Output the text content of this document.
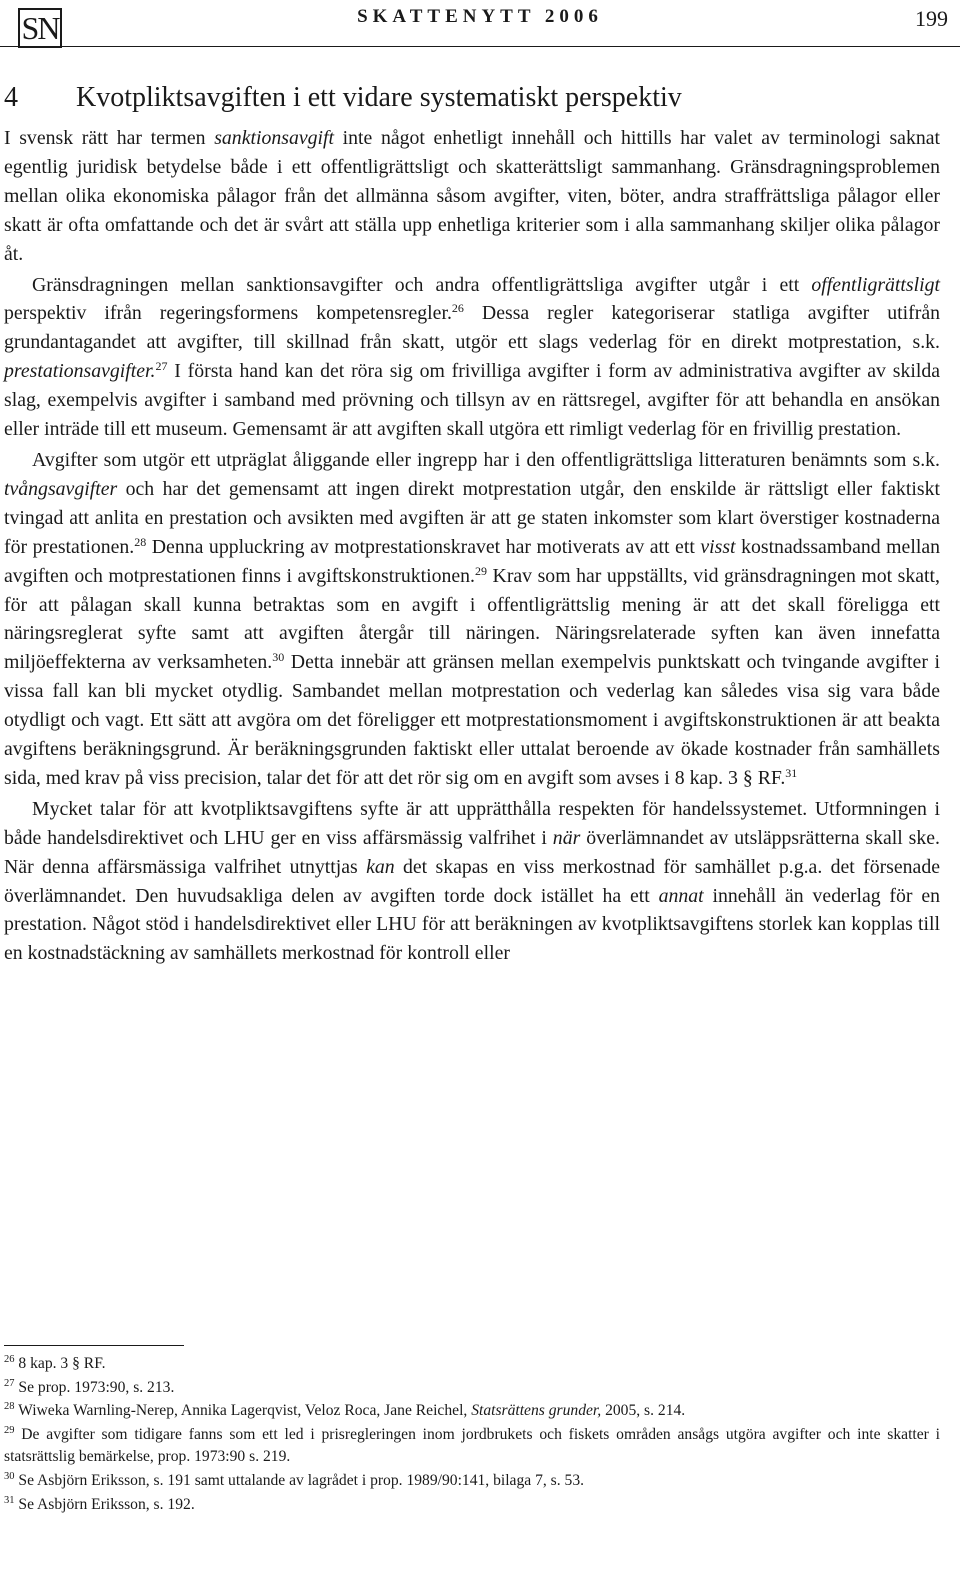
SN	SKATTENYTT 2006	199
4 Kvotpliktsavgiften i ett vidare systematiskt perspektiv

I svensk rätt har termen sanktionsavgift inte något enhetligt innehåll och hittills har valet av terminologi saknat egentlig juridisk betydelse både i ett offentligrättsligt och skatterättsligt sammanhang. Gränsdragningsproblemen mellan olika ekonomiska pålagor från det allmänna såsom avgifter, viten, böter, andra straffrättsliga pålagor eller skatt är ofta omfattande och det är svårt att ställa upp enhetliga kriterier som i alla sammanhang skiljer olika pålagor åt.

Gränsdragningen mellan sanktionsavgifter och andra offentligrättsliga avgifter utgår i ett offentligrättsligt perspektiv ifrån regeringsformens kompetensregler.$^{26}$ Dessa regler kategoriserar statliga avgifter utifrån grundantagandet att avgifter, till skillnad från skatt, utgör ett slags vederlag för en direkt motprestation, s.k. prestationsavgifter.$^{27}$ I första hand kan det röra sig om frivilliga avgifter i form av administrativa avgifter av skilda slag, exempelvis avgifter i samband med prövning och tillsyn av en rättsregel, avgifter för att behandla en ansökan eller inträde till ett museum. Gemensamt är att avgiften skall utgöra ett rimligt vederlag för en frivillig prestation.

Avgifter som utgör ett utpräglat åliggande eller ingrepp har i den offentligrättsliga litteraturen benämnts som s.k. tvångsavgifter och har det gemensamt att ingen direkt motprestation utgår, den enskilde är rättsligt eller faktiskt tvingad att anlita en prestation och avsikten med avgiften är att ge staten inkomster som klart överstiger kostnaderna för prestationen.$^{28}$ Denna uppluckring av motprestationskravet har motiverats av att ett visst kostnadssamband mellan avgiften och motprestationen finns i avgiftskonstruktionen.$^{29}$ Krav som har uppställts, vid gränsdragningen mot skatt, för att pålagan skall kunna betraktas som en avgift i offentligrättslig mening är att det skall föreligga ett näringsreglerat syfte samt att avgiften återgår till näringen. Näringsrelaterade syften kan även innefatta miljöeffekterna av verksamheten.$^{30}$ Detta innebär att gränsen mellan exempelvis punktskatt och tvingande avgifter i vissa fall kan bli mycket otydlig. Sambandet mellan motprestation och vederlag kan således visa sig vara både otydligt och vagt. Ett sätt att avgöra om det föreligger ett motprestationsmoment i avgiftskonstruktionen är att beakta avgiftens beräkningsgrund. Är beräkningsgrunden faktiskt eller uttalat beroende av ökade kostnader från samhällets sida, med krav på viss precision, talar det för att det rör sig om en avgift som avses i 8 kap. 3 § RF.$^{31}$

Mycket talar för att kvotpliktsavgiftens syfte är att upprätthålla respekten för handelssystemet. Utformningen i både handelsdirektivet och LHU ger en viss affärsmässig valfrihet i när överlämnandet av utsläppsrätterna skall ske. När denna affärsmässiga valfrihet utnyttjas kan det skapas en viss merkostnad för samhället p.g.a. det försenade överlämnandet. Den huvudsakliga delen av avgiften torde dock istället ha ett annat innehåll än vederlag för en prestation. Något stöd i handelsdirektivet eller LHU för att beräkningen av kvotpliktsavgiftens storlek kan kopplas till en kostnadstäckning av samhällets merkostnad för kontroll eller

$^{26}$ 8 kap. 3 § RF.
$^{27}$ Se prop. 1973:90, s. 213.
$^{28}$ Wiweka Warnling-Nerep, Annika Lagerqvist, Veloz Roca, Jane Reichel, Statsrättens grunder, 2005, s. 214.
$^{29}$ De avgifter som tidigare fanns som ett led i prisregleringen inom jordbrukets och fiskets områden ansågs utgöra avgifter och inte skatter i statsrättslig bemärkelse, prop. 1973:90 s. 219.
$^{30}$ Se Asbjörn Eriksson, s. 191 samt uttalande av lagrådet i prop. 1989/90:141, bilaga 7, s. 53.
$^{31}$ Se Asbjörn Eriksson, s. 192.
